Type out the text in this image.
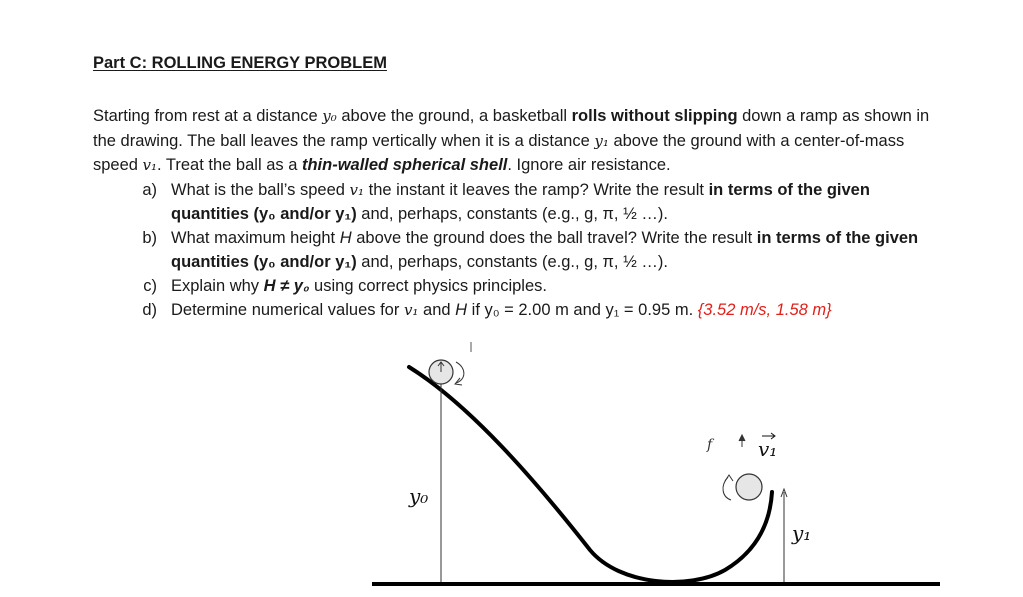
Part C: ROLLING ENERGY PROBLEM
Starting from rest at a distance y₀ above the ground, a basketball rolls without slipping down a ramp as shown in the drawing. The ball leaves the ramp vertically when it is a distance y₁ above the ground with a center-of-mass speed v₁. Treat the ball as a thin-walled spherical shell. Ignore air resistance.
a) What is the ball’s speed v₁ the instant it leaves the ramp? Write the result in terms of the given quantities (y₀ and/or y₁) and, perhaps, constants (e.g., g, π, ½ …).
b) What maximum height H above the ground does the ball travel? Write the result in terms of the given quantities (y₀ and/or y₁) and, perhaps, constants (e.g., g, π, ½ …).
c) Explain why H ≠ y₀ using correct physics principles.
d) Determine numerical values for v₁ and H if y₀ = 2.00 m and y₁ = 0.95 m. {3.52 m/s, 1.58 m}
y₀
f v₁
y₁
